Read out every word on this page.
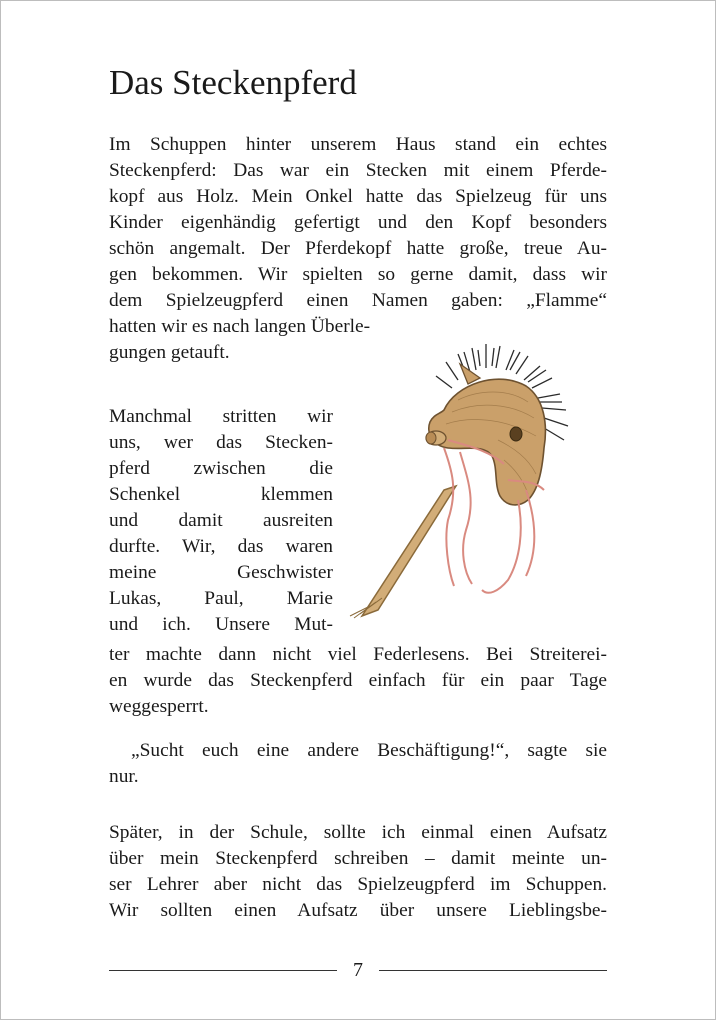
Das Steckenpferd
Im Schuppen hinter unserem Haus stand ein echtes
Steckenpferd: Das war ein Stecken mit einem Pferde-
kopf aus Holz. Mein Onkel hatte das Spielzeug für uns
Kinder eigenhändig gefertigt und den Kopf besonders
schön angemalt. Der Pferdekopf hatte große, treue Au-
gen bekommen. Wir spielten so gerne damit, dass wir
dem Spielzeugpferd einen Namen gaben: „Flamme“
hatten wir es nach langen Überle-
gungen getauft.
Manchmal stritten wir
uns, wer das Stecken-
pferd zwischen die
Schenkel klemmen
und damit ausreiten
durfte. Wir, das waren
meine Geschwister
Lukas, Paul, Marie
und ich. Unsere Mut-
ter machte dann nicht viel Federlesens. Bei Streiterei-
en wurde das Steckenpferd einfach für ein paar Tage
weggesperrt.
„Sucht euch eine andere Beschäftigung!“, sagte sie
nur.
Später, in der Schule, sollte ich einmal einen Aufsatz
über mein Steckenpferd schreiben – damit meinte un-
ser Lehrer aber nicht das Spielzeugpferd im Schuppen.
Wir sollten einen Aufsatz über unsere Lieblingsbe-
7
